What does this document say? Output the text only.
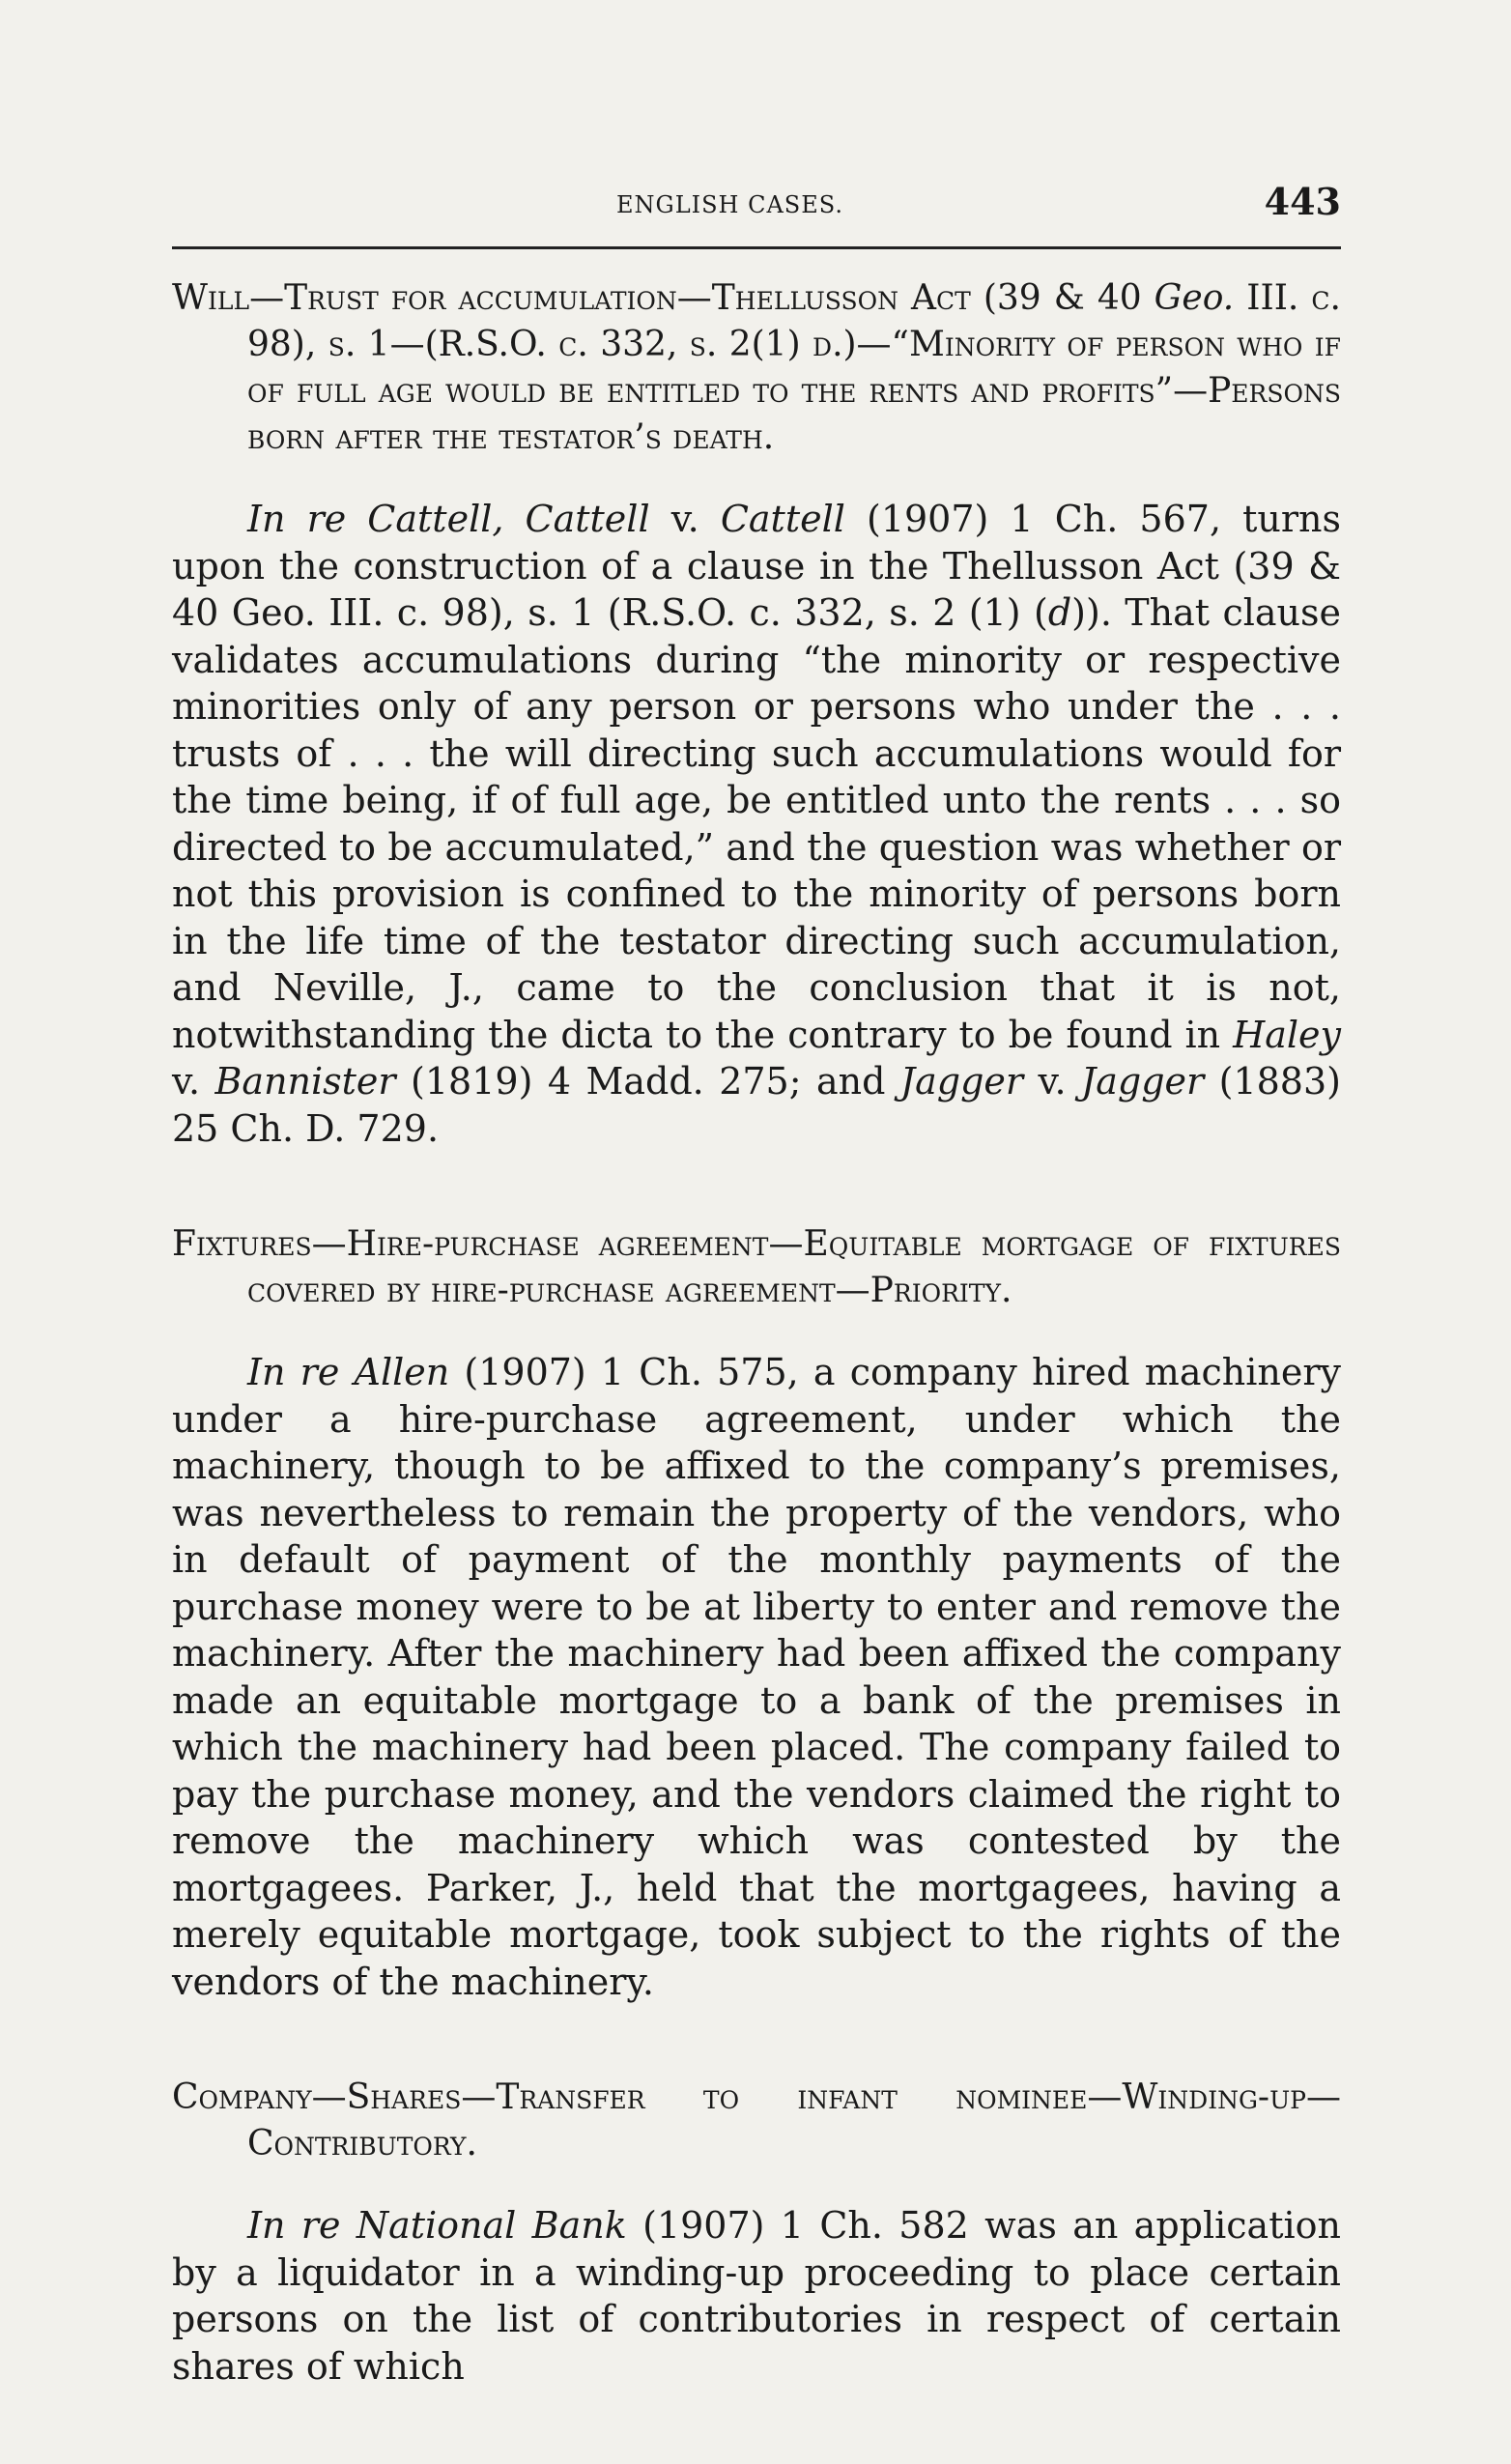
ENGLISH CASES.	443

Will—Trust for accumulation—Thellusson Act (39 & 40 Geo. III. c. 98), s. 1—(R.S.O. c. 332, s. 2(1) d.)—“Minority of person who if of full age would be entitled to the rents and profits”—Persons born after the testator’s death.

In re Cattell, Cattell v. Cattell (1907) 1 Ch. 567, turns upon the construction of a clause in the Thellusson Act (39 & 40 Geo. III. c. 98), s. 1 (R.S.O. c. 332, s. 2 (1) (d)). That clause validates accumulations during “the minority or respective minorities only of any person or persons who under the . . . trusts of . . . the will directing such accumulations would for the time being, if of full age, be entitled unto the rents . . . so directed to be accumulated,” and the question was whether or not this provision is confined to the minority of persons born in the life time of the testator directing such accumulation, and Neville, J., came to the conclusion that it is not, notwithstanding the dicta to the contrary to be found in Haley v. Bannister (1819) 4 Madd. 275; and Jagger v. Jagger (1883) 25 Ch. D. 729.

Fixtures—Hire-purchase agreement—Equitable mortgage of fixtures covered by hire-purchase agreement—Priority.

In re Allen (1907) 1 Ch. 575, a company hired machinery under a hire-purchase agreement, under which the machinery, though to be affixed to the company’s premises, was nevertheless to remain the property of the vendors, who in default of payment of the monthly payments of the purchase money were to be at liberty to enter and remove the machinery. After the machinery had been affixed the company made an equitable mortgage to a bank of the premises in which the machinery had been placed. The company failed to pay the purchase money, and the vendors claimed the right to remove the machinery which was contested by the mortgagees. Parker, J., held that the mortgagees, having a merely equitable mortgage, took subject to the rights of the vendors of the machinery.

Company—Shares—Transfer to infant nominee—Winding-up—Contributory.

In re National Bank (1907) 1 Ch. 582 was an application by a liquidator in a winding-up proceeding to place certain persons on the list of contributories in respect of certain shares of which
